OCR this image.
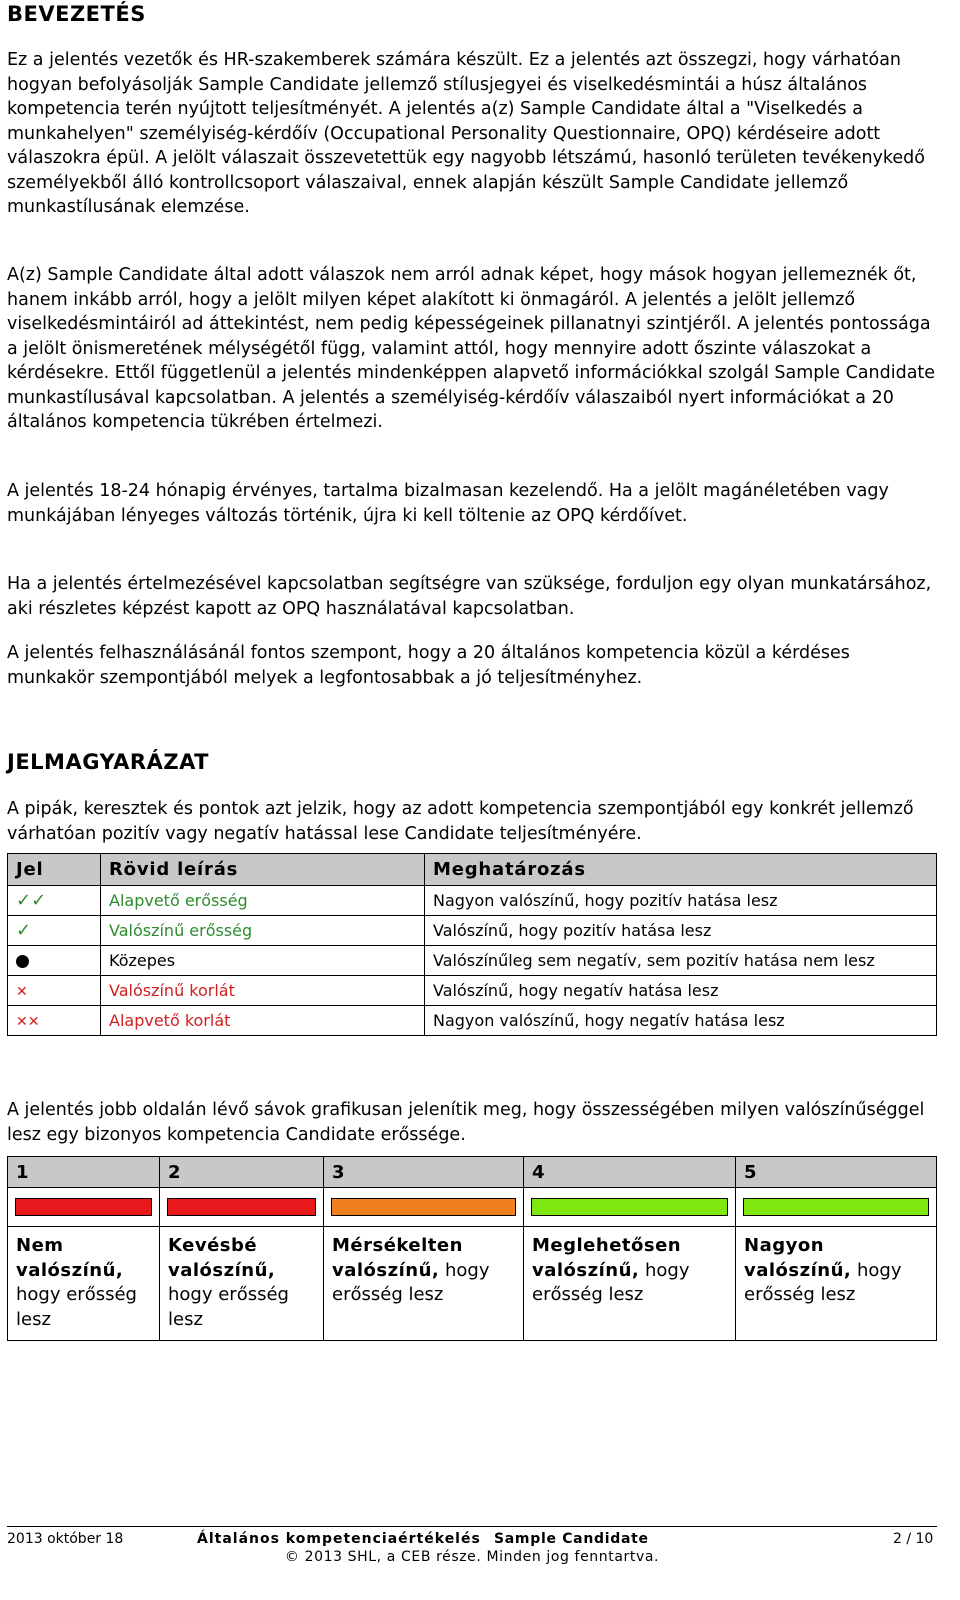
BEVEZETÉS

Ez a jelentés vezetők és HR-szakemberek számára készült. Ez a jelentés azt összegzi, hogy várhatóan hogyan befolyásolják Sample Candidate jellemző stílusjegyei és viselkedésmintái a húsz általános kompetencia terén nyújtott teljesítményét. A jelentés a(z) Sample Candidate által a "Viselkedés a munkahelyen" személyiség-kérdőív (Occupational Personality Questionnaire, OPQ) kérdéseire adott válaszokra épül. A jelölt válaszait összevetettük egy nagyobb létszámú, hasonló területen tevékenykedő személyekből álló kontrollcsoport válaszaival, ennek alapján készült Sample Candidate jellemző munkastílusának elemzése.

A(z) Sample Candidate által adott válaszok nem arról adnak képet, hogy mások hogyan jellemeznék őt, hanem inkább arról, hogy a jelölt milyen képet alakított ki önmagáról. A jelentés a jelölt jellemző viselkedésmintáiról ad áttekintést, nem pedig képességeinek pillanatnyi szintjéről. A jelentés pontossága a jelölt önismeretének mélységétől függ, valamint attól, hogy mennyire adott őszinte válaszokat a kérdésekre. Ettől függetlenül a jelentés mindenképpen alapvető információkkal szolgál Sample Candidate munkastílusával kapcsolatban. A jelentés a személyiség-kérdőív válaszaiból nyert információkat a 20 általános kompetencia tükrében értelmezi.

A jelentés 18-24 hónapig érvényes, tartalma bizalmasan kezelendő. Ha a jelölt magánéletében vagy munkájában lényeges változás történik, újra ki kell töltenie az OPQ kérdőívet.

Ha a jelentés értelmezésével kapcsolatban segítségre van szüksége, forduljon egy olyan munkatársához, aki részletes képzést kapott az OPQ használatával kapcsolatban.

A jelentés felhasználásánál fontos szempont, hogy a 20 általános kompetencia közül a kérdéses munkakör szempontjából melyek a legfontosabbak a jó teljesítményhez.

JELMAGYARÁZAT

A pipák, keresztek és pontok azt jelzik, hogy az adott kompetencia szempontjából egy konkrét jellemző várhatóan pozitív vagy negatív hatással lese Candidate teljesítményére.

Jel	Rövid leírás	Meghatározás
✓✓	Alapvető erősség	Nagyon valószínű, hogy pozitív hatása lesz
✓	Valószínű erősség	Valószínű, hogy pozitív hatása lesz
	Közepes	Valószínűleg sem negatív, sem pozitív hatása nem lesz
✕	Valószínű korlát	Valószínű, hogy negatív hatása lesz
✕✕	Alapvető korlát	Nagyon valószínű, hogy negatív hatása lesz

A jelentés jobb oldalán lévő sávok grafikusan jelenítik meg, hogy összességében milyen valószínűséggel lesz egy bizonyos kompetencia Candidate erőssége.

1	2	3	4	5

Nem valószínű, hogy erősség lesz	Kevésbé valószínű, hogy erősség lesz	Mérsékelten valószínű, hogy erősség lesz	Meglehetősen valószínű, hogy erősség lesz	Nagyon valószínű, hogy erősség lesz
2013 október 18	Általános kompetenciaértékelés Sample Candidate	2 / 10
© 2013 SHL, a CEB része. Minden jog fenntartva.
